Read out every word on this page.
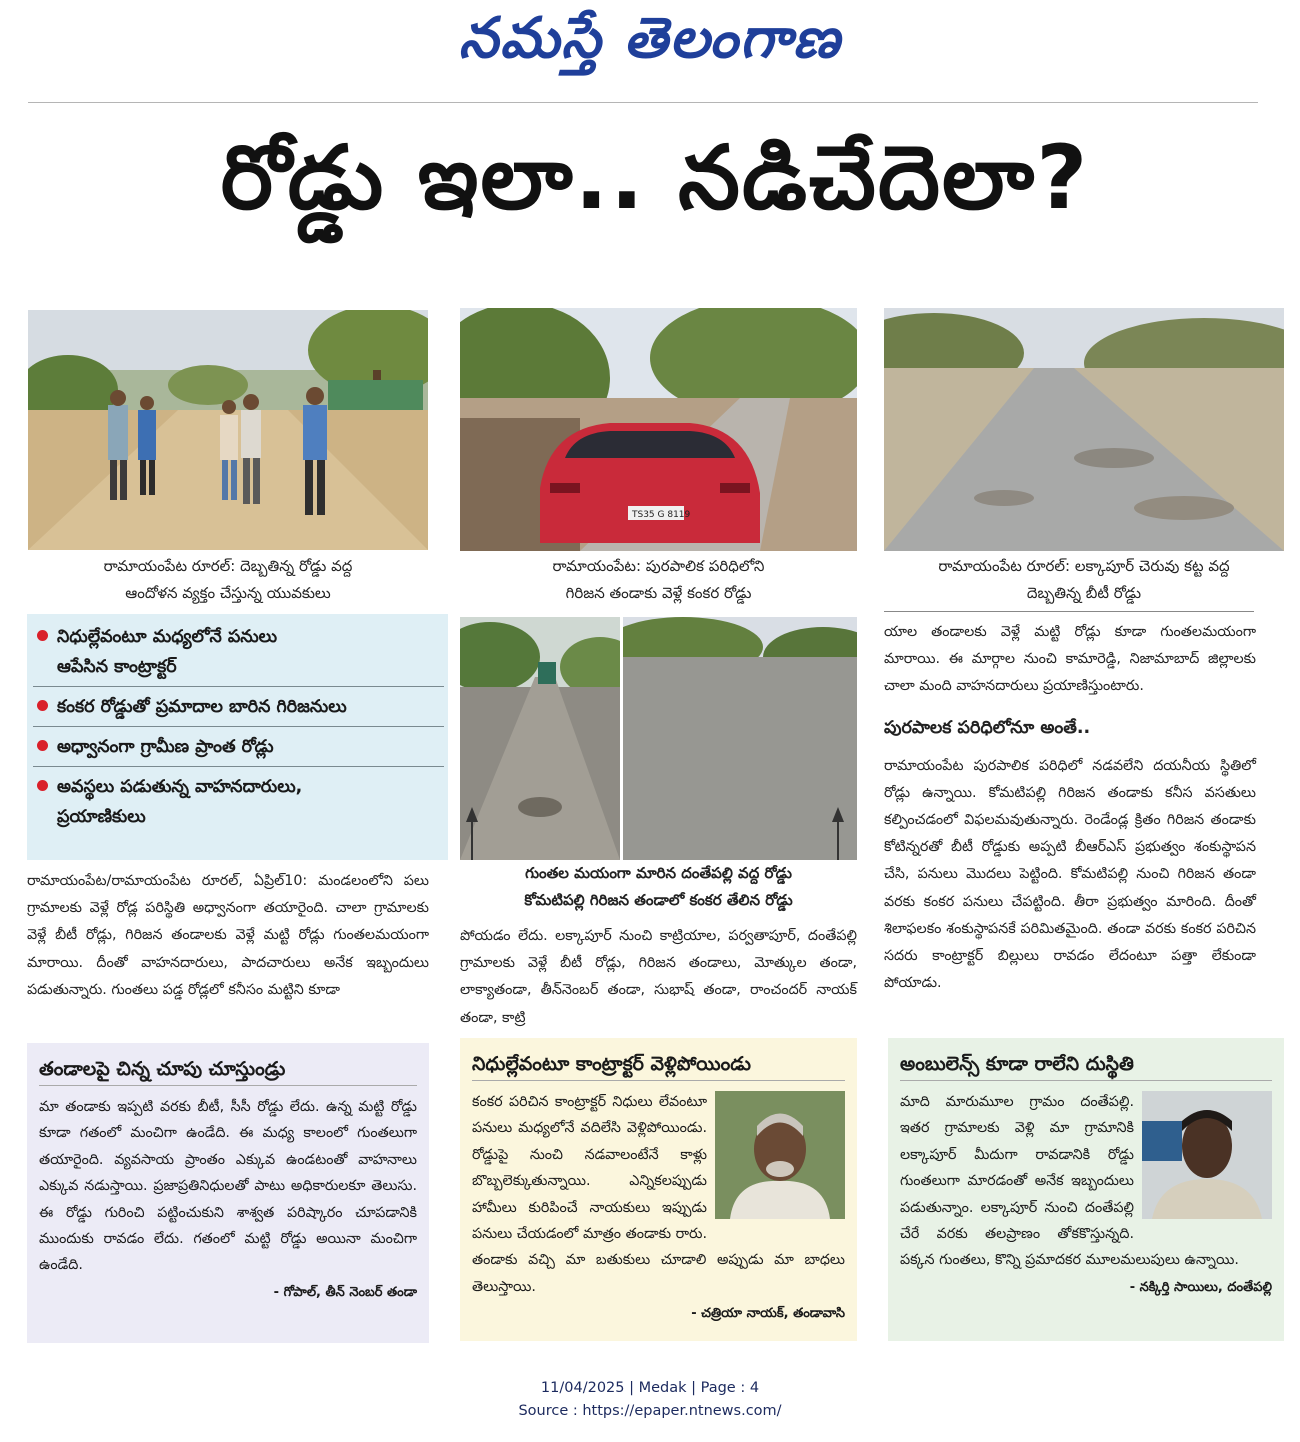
నమస్తే తెలంగాణ
రోడ్డు ఇలా.. నడిచేదెలా?
రామాయంపేట రూరల్: దెబ్బతిన్న రోడ్డు వద్ద
ఆందోళన వ్యక్తం చేస్తున్న యువకులు
TS35 G 8119
రామాయంపేట: పురపాలిక పరిధిలోని
గిరిజన తండాకు వెళ్లే కంకర రోడ్డు
రామాయంపేట రూరల్: లక్కాపూర్ చెరువు కట్ట వద్ద
దెబ్బతిన్న బీటీ రోడ్డు
నిధుల్లేవంటూ మధ్యలోనే పనులు
ఆపేసిన కాంట్రాక్టర్
కంకర రోడ్డుతో ప్రమాదాల బారిన గిరిజనులు
అధ్వానంగా గ్రామీణ ప్రాంత రోడ్లు
అవస్థలు పడుతున్న వాహనదారులు,
ప్రయాణికులు
గుంతల మయంగా మారిన దంతేపల్లి వద్ద రోడ్డు
కోమటిపల్లి గిరిజన తండాలో కంకర తేలిన రోడ్డు
రామాయంపేట/రామాయంపేట రూరల్, ఏప్రిల్10: మండలంలోని పలు గ్రామాలకు వెళ్లే రోడ్ల పరిస్థితి అధ్వానంగా తయారైంది. చాలా గ్రామాలకు వెళ్లే బీటీ రోడ్లు, గిరిజన తండాలకు వెళ్లే మట్టి రోడ్లు గుంతలమయంగా మారాయి. దీంతో వాహనదారులు, పాదచారులు అనేక ఇబ్బందులు పడుతున్నారు. గుంతలు పడ్డ రోడ్లలో కనీసం మట్టిని కూడా
పోయడం లేదు. లక్కాపూర్ నుంచి కాట్రియాల, పర్వతాపూర్, దంతేపల్లి గ్రామాలకు వెళ్లే బీటీ రోడ్లు, గిరిజన తండాలు, మోత్కుల తండా, లాక్యాతండా, తీన్‌నెంబర్ తండా, సుభాష్ తండా, రాంచందర్ నాయక్ తండా, కాట్రి
యాల తండాలకు వెళ్లే మట్టి రోడ్లు కూడా గుంతలమయంగా మారాయి. ఈ మార్గాల నుంచి కామారెడ్డి, నిజామాబాద్ జిల్లాలకు చాలా మంది వాహనదారులు ప్రయాణిస్తుంటారు.
పురపాలక పరిధిలోనూ అంతే..
రామాయంపేట పురపాలిక పరిధిలో నడవలేని దయనీయ స్థితిలో రోడ్లు ఉన్నాయి. కోమటిపల్లి గిరిజన తండాకు కనీస వసతులు కల్పించడంలో విఫలమవుతున్నారు. రెండేండ్ల క్రితం గిరిజన తండాకు కోటిన్నరతో బీటీ రోడ్డుకు అప్పటి బీఆర్‌ఎస్ ప్రభుత్వం శంకుస్థాపన చేసి, పనులు మొదలు పెట్టింది. కోమటిపల్లి నుంచి గిరిజన తండా వరకు కంకర పనులు చేపట్టింది. తీరా ప్రభుత్వం మారింది. దీంతో శిలాఫలకం శంకుస్థాపనకే పరిమితమైంది. తండా వరకు కంకర పరిచిన సదరు కాంట్రాక్టర్ బిల్లులు రావడం లేదంటూ పత్తా లేకుండా పోయాడు.
తండాలపై చిన్న చూపు చూస్తుండ్రు
మా తండాకు ఇప్పటి వరకు బీటీ, సీసీ రోడ్డు లేదు. ఉన్న మట్టి రోడ్డు కూడా గతంలో మంచిగా ఉండేది. ఈ మధ్య కాలంలో గుంతలుగా తయారైంది. వ్యవసాయ ప్రాంతం ఎక్కువ ఉండటంతో వాహనాలు ఎక్కువ నడుస్తాయి. ప్రజాప్రతినిధులతో పాటు అధికారులకూ తెలుసు. ఈ రోడ్డు గురించి పట్టించుకుని శాశ్వత పరిష్కారం చూపడానికి ముందుకు రావడం లేదు. గతంలో మట్టి రోడ్డు అయినా మంచిగా ఉండేది.
- గోపాల్, తీన్ నెంబర్ తండా
నిధుల్లేవంటూ కాంట్రాక్టర్ వెళ్లిపోయిండు
కంకర పరిచిన కాంట్రాక్టర్ నిధులు లేవంటూ పనులు మధ్యలోనే వదిలేసి వెళ్లిపోయిండు. రోడ్డుపై నుంచి నడవాలంటేనే కాళ్లు బొబ్బలెక్కుతున్నాయి. ఎన్నికలప్పుడు హామీలు కురిపించే నాయకులు ఇప్పుడు పనులు చేయడంలో మాత్రం తండాకు రారు. తండాకు వచ్చి మా బతుకులు చూడాలి అప్పుడు మా బాధలు తెలుస్తాయి.
- చత్రియా నాయక్, తండావాసి
అంబులెన్స్ కూడా రాలేని దుస్థితి
మాది మారుమూల గ్రామం దంతేపల్లి. ఇతర గ్రామాలకు వెళ్లి మా గ్రామానికి లక్కాపూర్ మీదుగా రావడానికి రోడ్డు గుంతలుగా మారడంతో అనేక ఇబ్బందులు పడుతున్నాం. లక్కాపూర్ నుంచి దంతేపల్లి చేరే వరకు తలప్రాణం తోకకొస్తున్నది. పక్కన గుంతలు, కొన్ని ప్రమాదకర మూలమలుపులు ఉన్నాయి.
- నక్కిర్తి సాయిలు, దంతేపల్లి
11/04/2025 | Medak | Page : 4
Source : https://epaper.ntnews.com/
